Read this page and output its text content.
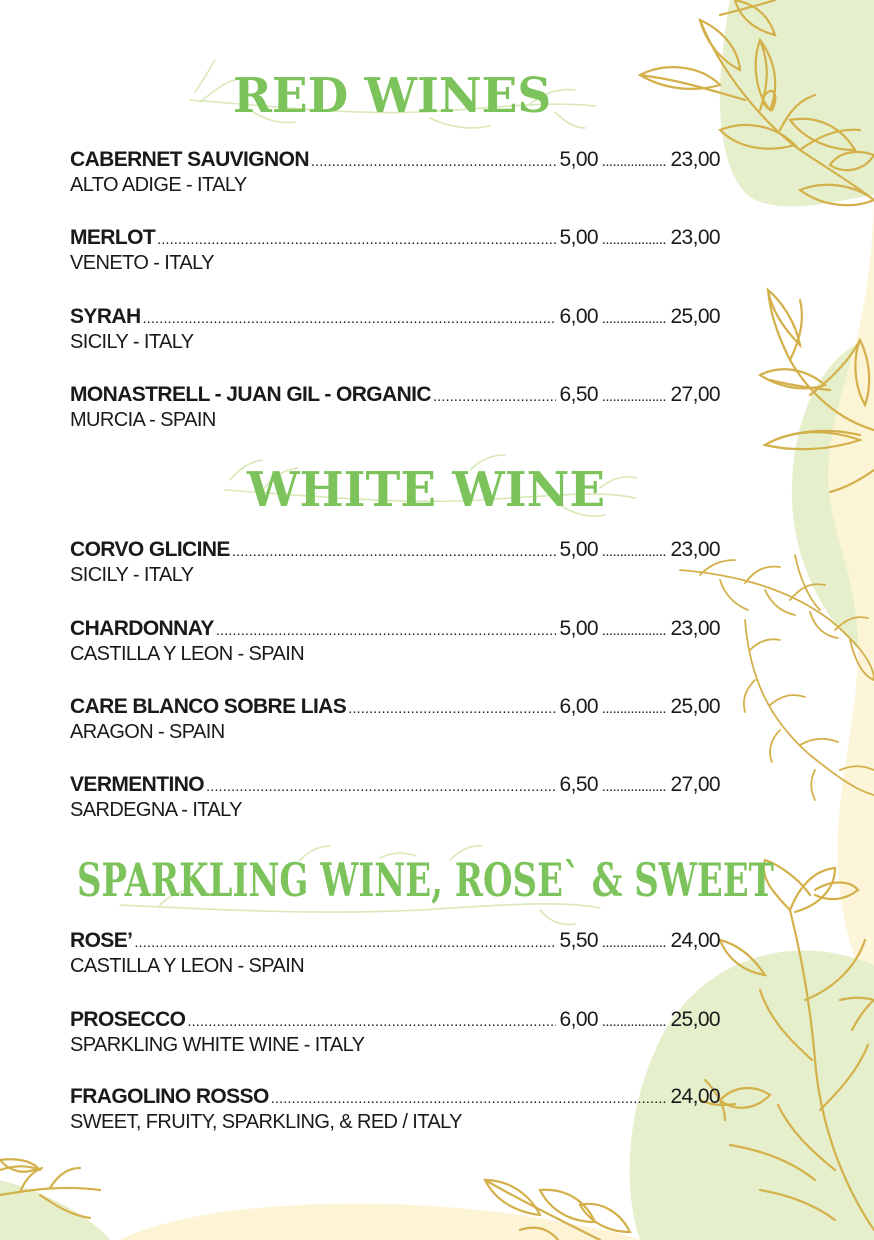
RED WINES
CABERNET SAUVIGNON .....	5,00 .....	23,00
ALTO ADIGE - ITALY
MERLOT .....	5,00 .....	23,00
VENETO - ITALY
SYRAH .....	6,00 .....	25,00
SICILY - ITALY
MONASTRELL - JUAN GIL - ORGANIC .....	6,50 .....	27,00
MURCIA - SPAIN
WHITE WINE
CORVO GLICINE .....	5,00 .....	23,00
SICILY - ITALY
CHARDONNAY .....	5,00 .....	23,00
CASTILLA Y LEON - SPAIN
CARE BLANCO SOBRE LIAS .....	6,00 .....	25,00
ARAGON - SPAIN
VERMENTINO .....	6,50 .....	27,00
SARDEGNA - ITALY
SPARKLING WINE, ROSE` & SWEET
ROSE’ .....	5,50 .....	24,00
CASTILLA Y LEON - SPAIN
PROSECCO .....	6,00 .....	25,00
SPARKLING WHITE WINE - ITALY
FRAGOLINO ROSSO .....	24,00
SWEET, FRUITY, SPARKLING, & RED / ITALY
